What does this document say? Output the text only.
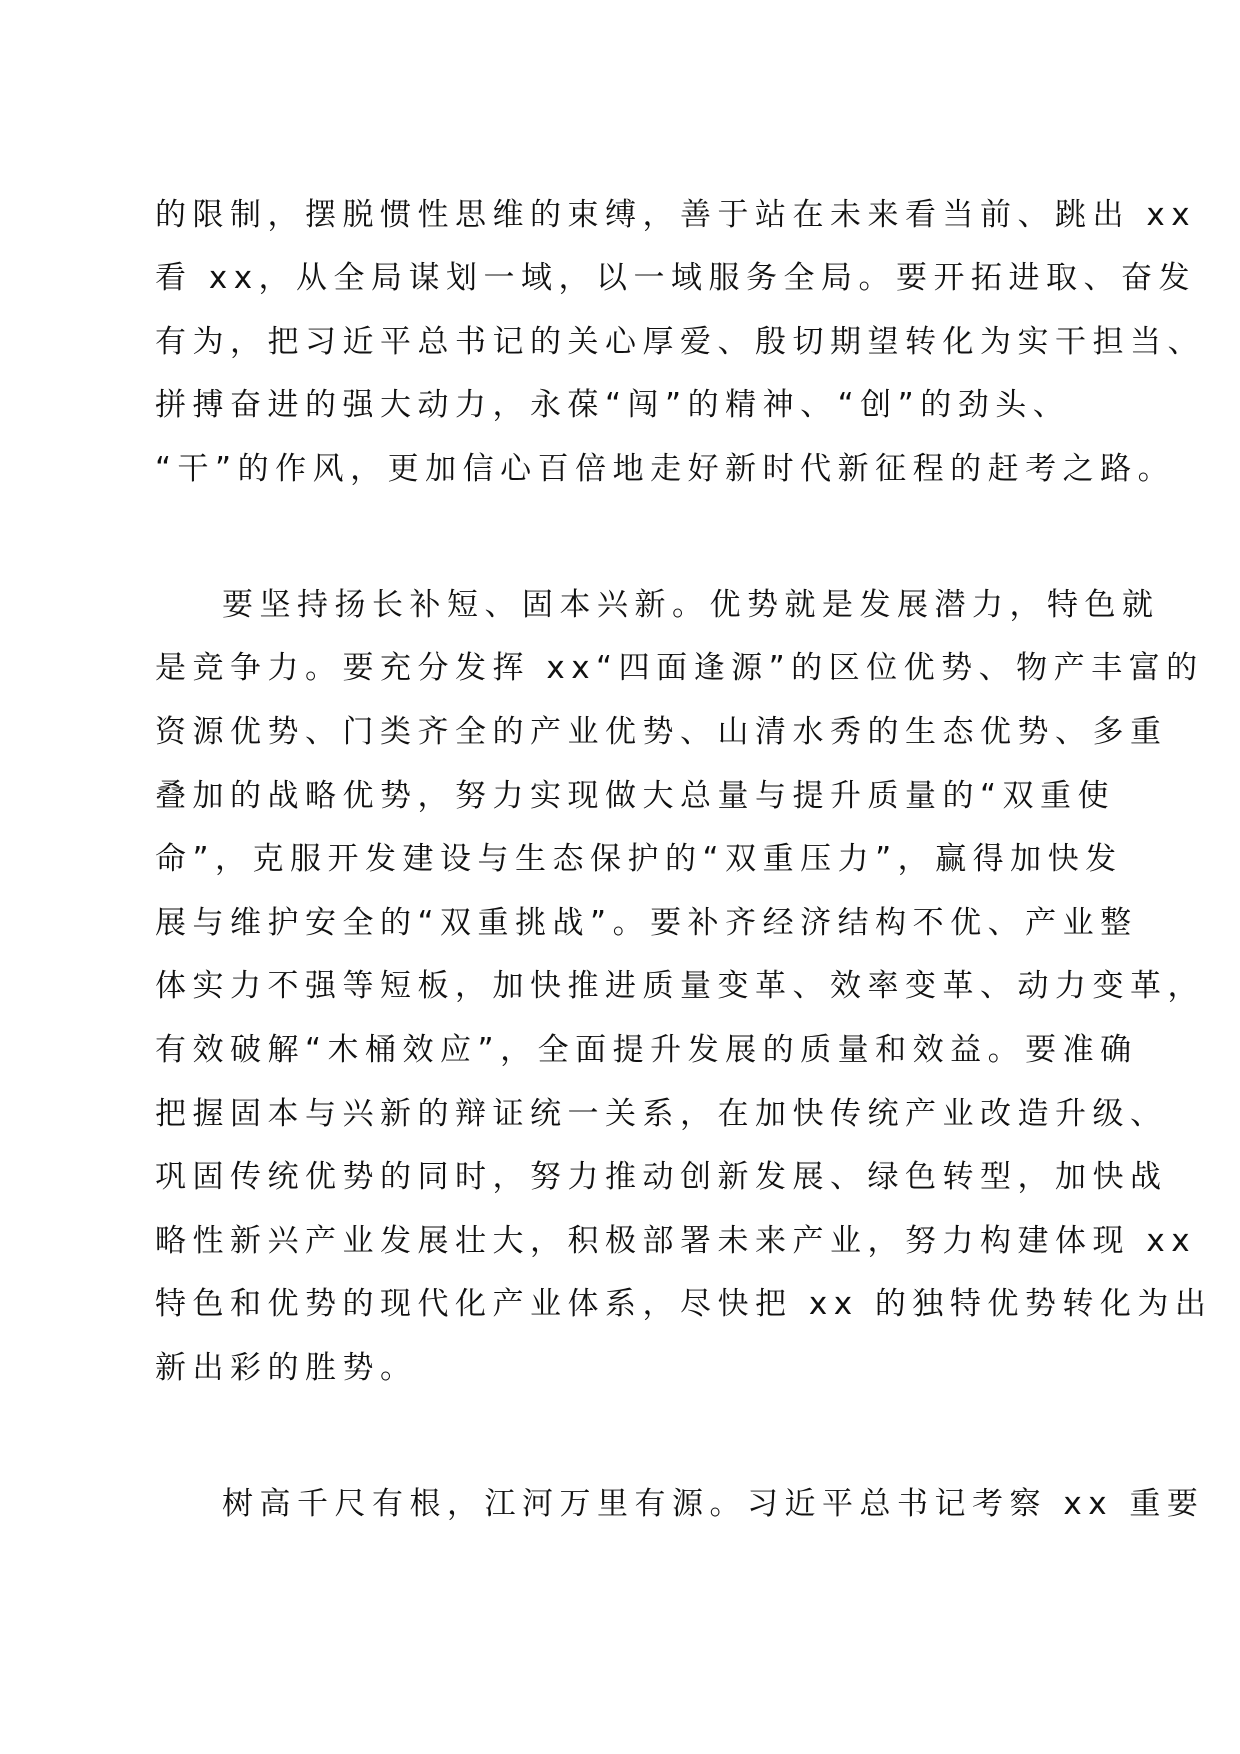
的限制，摆脱惯性思维的束缚，善于站在未来看当前、跳出 xx
看 xx，从全局谋划一域，以一域服务全局。要开拓进取、奋发
有为，把习近平总书记的关心厚爱、殷切期望转化为实干担当、
拼搏奋进的强大动力，永葆“闯”的精神、“创”的劲头、
“干”的作风，更加信心百倍地走好新时代新征程的赶考之路。
要坚持扬长补短、固本兴新。优势就是发展潜力，特色就
是竞争力。要充分发挥 xx“四面逢源”的区位优势、物产丰富的
资源优势、门类齐全的产业优势、山清水秀的生态优势、多重
叠加的战略优势，努力实现做大总量与提升质量的“双重使
命”，克服开发建设与生态保护的“双重压力”，赢得加快发
展与维护安全的“双重挑战”。要补齐经济结构不优、产业整
体实力不强等短板，加快推进质量变革、效率变革、动力变革，
有效破解“木桶效应”，全面提升发展的质量和效益。要准确
把握固本与兴新的辩证统一关系，在加快传统产业改造升级、
巩固传统优势的同时，努力推动创新发展、绿色转型，加快战
略性新兴产业发展壮大，积极部署未来产业，努力构建体现 xx
特色和优势的现代化产业体系，尽快把 xx 的独特优势转化为出
新出彩的胜势。
树高千尺有根，江河万里有源。习近平总书记考察 xx 重要
